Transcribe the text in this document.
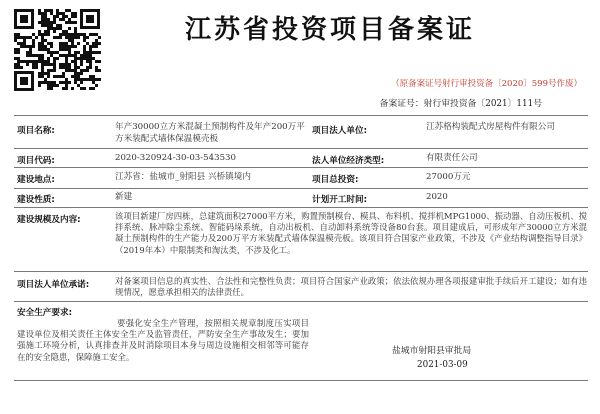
江苏省投资项目备案证
（原备案证号射行审投资备〔2020〕599号作废）
备案证号：射行审投资备〔2021〕111号
项目名称:	年产30000立方米混凝土预制构件及年产200万平方米装配式墙体保温模壳板
项目法人单位:	江苏格构装配式房屋构件有限公司
项目代码:	2020-320924-30-03-543530	法人单位经济类型:	有限责任公司
建设地点:	江苏省：盐城市_射阳县 兴桥镇境内	项目总投资:	27000万元
建设性质:	新建	计划开工时间:	2020
建设规模及内容:	该项目新建厂房四栋，总建筑面积27000平方米，购置预制模台、模具、布料机、搅拌机MPG1000、振动器、自动压板机、搅拌系统、脉冲除尘系统、智能码垛系统，自动出板机、自动卸料系统等设备80台套。项目建成后，可形成年产30000立方米混凝土预制构件的生产能力及200万平方米装配式墙体保温模壳板。该项目符合国家产业政策，不涉及《产业结构调整指导目录》（2019年本）中限制类和淘汰类，不涉及化工。
项目法人单位承诺:	对备案项目信息的真实性、合法性和完整性负责；项目符合国家产业政策；依法依规办理各项报建审批手续后开工建设；如有违规情况，愿意承担相关的法律责任。
安全生产要求:
要强化安全生产管理，按照相关规章制度压实项目建设单位及相关责任主体安全生产及监管责任，严防安全生产事故发生；要加强施工环境分析，认真排查并及时消除项目本身与周边设施相交相邻等可能存在的安全隐患，保障施工安全。
盐城市射阳县审批局
2021-03-09
